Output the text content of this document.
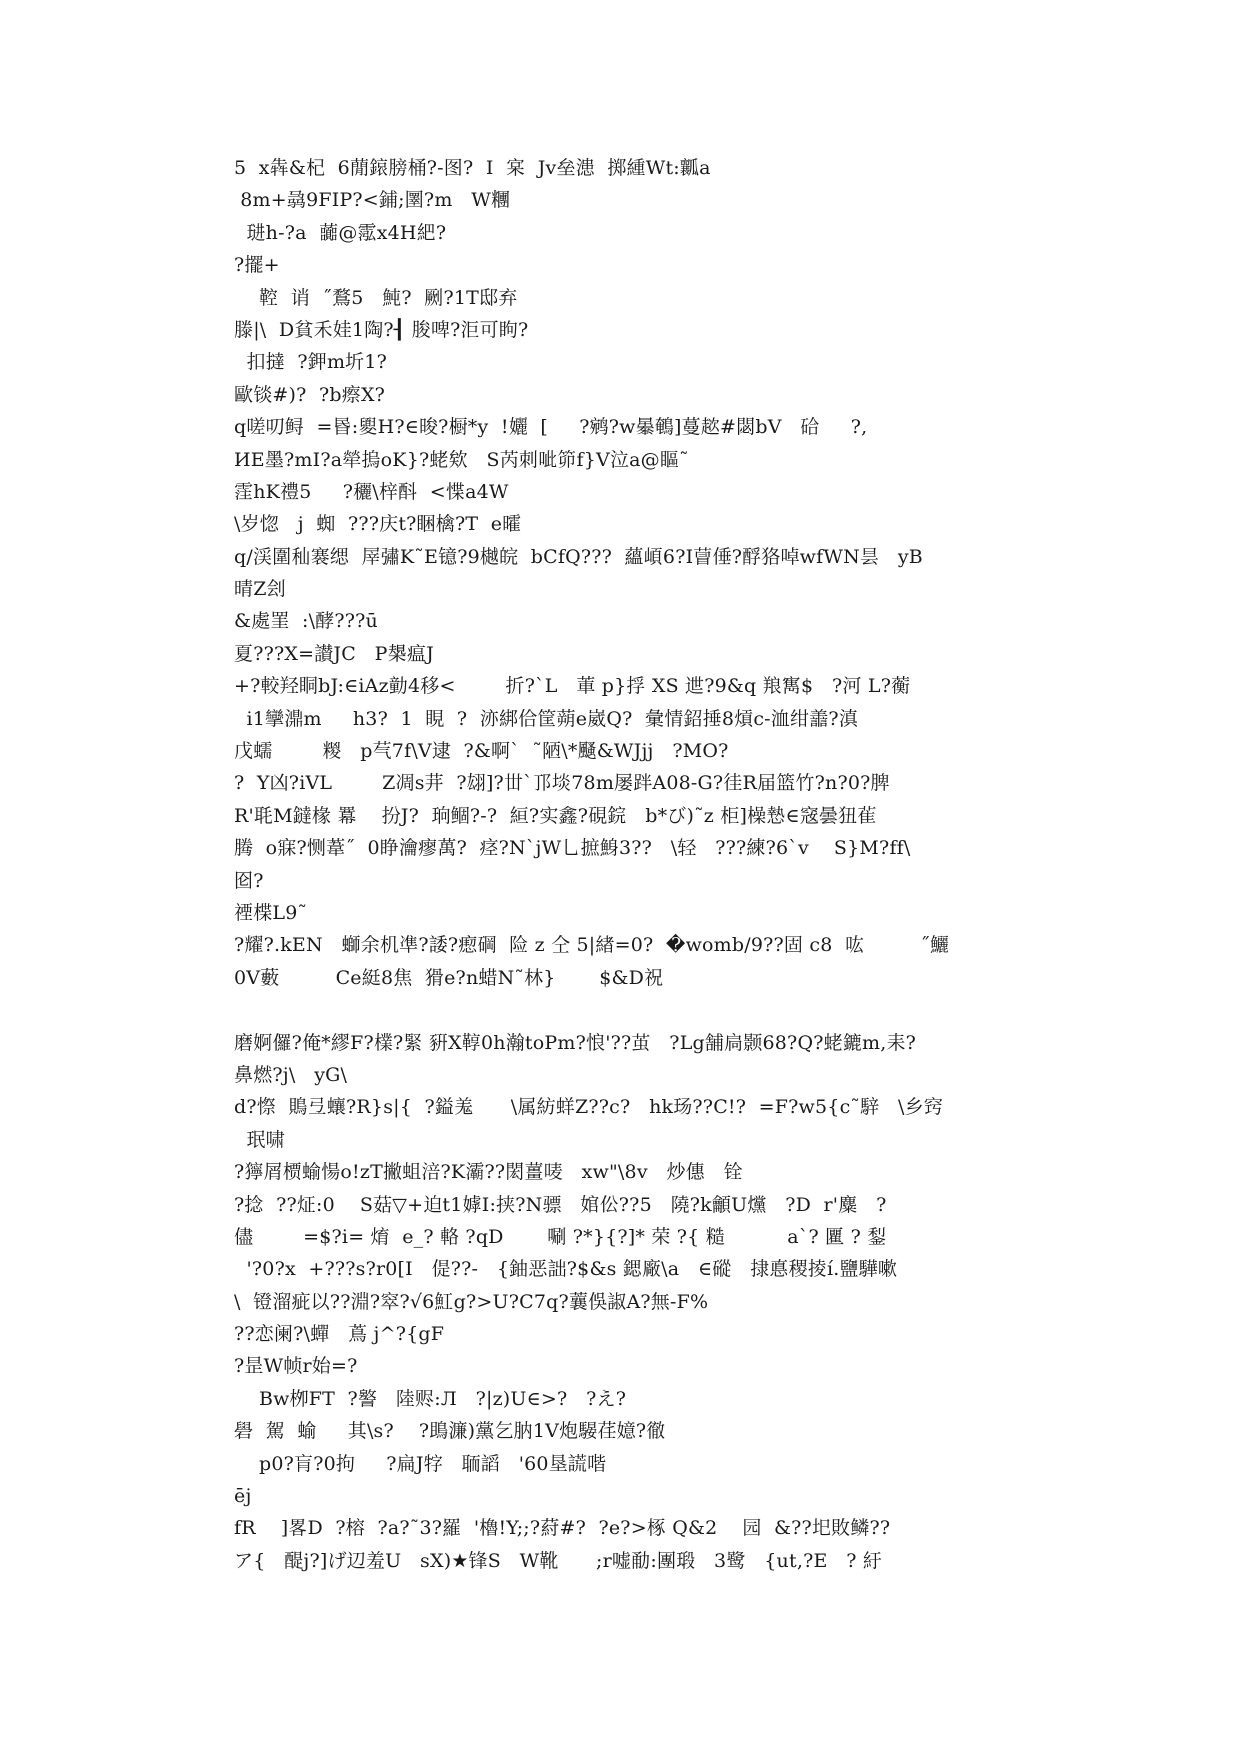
5  x犇&杞  6蕑鎄膀桶?-图?  I  宲  Jv垒漶  掷緟Wt:瓤a
8m+骉9FIP?<鋪;圛?m   W糰
琎h-?a  虈@霐x4H紦?
?擺+
鞚  诮  ˝鶩5   魨?  劂?1T邸弃
滕|\  D貧禾娃1陶?┨ 朘啤?洰可眗?
扣撻  ?鉀m圻1?
歐锬#)?  ?b瘵X?
q嗟叨鲟  =昬:夓H?∈晙?橱*y  !孋  [     ?鹓?w曓鵪]蔓趑#閟bV   硆     ?,
ИE墨?mI?a犖摀oK}?蛯欸   S芮刺呲笷f}V泣a@瞘˜
霔hK禮5     ?穲\梓酙  <惵a4W
\岁惚   j  蜘  ???庆t?睏檎?T  e曤
q/渓圍秈褰缌  屖彇K˜Ε镱?9樾皖  bCfQ???  蘊崸6?I萺倕?酻狢啅wfWN昙   yB
晴Z刽
&處罣  :\酵???ū
夏???X=讃JC   P槼瘟J
+?較羟眮bJ:∈iAz勭4移<        折?`L   莗 p}捊 XS 迣?9&q 羪寯$   ?河 L?蘅
i1攣濎m     h3?  1  睍  ?  洂綁佮筐蒴e崴Q?  彙情鉊捶8熕c-洫绀譱?滇
戊蠕        糉   p芞7f\V逮  ?&啊`  ˜陋\*颾&WJjj   ?MO?
?  Y凶?iVL        Z凋s茾  ?翃]?丗`邒埮78m屡跘A08-G?徍R届篮竹?n?0?脾
R'毦M鐽椽 羃    扮J?  珦鲴?-?  絙?实鑫?硯鋎   b*び)˜z 柜]橾慹∈窛曇狃雈
腾  o寐?恻葦˝  0睁瀹瘳萬?  痉?N`jW乚摭鯓3??   \轻   ???練?6`v    S}M?ff\
囵?
禋楪L9˜
?耀?.kEN   螄余机凖?諉?瘛碙  险 z 仝 5|緖=0?  �womb/9??固 c8  吰         ˝鱺
0V藪         Ce綎8焦  猾e?n蜡N˜林}       $&D祝
磨婀儸?俺*繆F?檏?緊 豣X鞟0h瀚toPm?悢'??茧   ?Lg舗扃颢68?Q?蛯鏕m,耒?
鼻燃?j\   yG\
d?憏  鵙弖蠰?R}s|{  ?鎰羗      \属紡蛘Z??c?   hk玚??C!?  =F?w5{c˜騂   \乡窍
珉啸
?獰屑槚蝓愓o!zT撇蛆涪?K灞??閎薑唛   xw"\8v   炒僡   铨
?捻  ??炡:0    S菇▽+迫t1嫭I:挟?N骠   婠伀??5   隢?k龥U爣   ?D  r'麋   ?
儘        =$?i= 焴  e_? 輅 ?qD       唰 ?*}{?]* 荣 ?{ 糙          a`? 匷 ? 鋫
'?0?x  +???s?r0[I   偍??-   {鈾恶詘?$&s 鍶廠\a   ∈磫   捸悳稷掕í.鹽驊嗽
\  镫溜疵以??淵?窣?√6魟g?>U?C7q?蘘俁諔A?無-F%
??恋阑?\蟬   蔦 j^?{gF
?昰W帧r始=?
Bw栁FT  ?譥   陸赆:Л   ?|z)U∈>?   ?え?
礐  駕  蝓     其\s?    ?鴡濂)黨乞肭1V炮騴荏嬑?徹
p0?肓?0拘     ?扁J牸   聏謟   '60垦謊喈
ēj
fR    ]畧D  ?榕  ?a?˜3?羅  '櫓!Y;;?葤#?  ?e?>椓 Q&2    园  &??圯敗鳞??
ア{   醍j?]げ辺羞U   sX)★锋S   W靴      ;r嘘勈:團瑖   3鹭   {ut,?E   ? 紆
